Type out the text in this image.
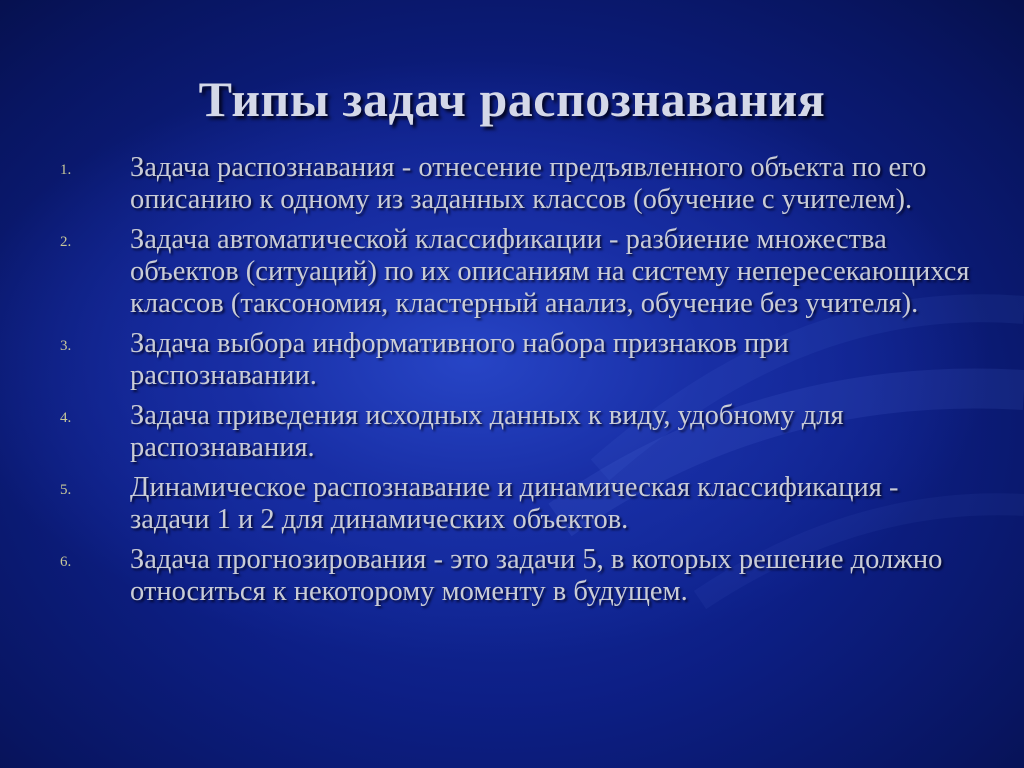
Типы задач распознавания
1.	Задача распознавания - отнесение предъявленного объекта по его описанию к одному из заданных классов (обучение с учителем).
2.	Задача автоматической классификации - разбиение множества объектов (ситуаций) по их описаниям на систему непересекающихся классов (таксономия, кластерный анализ, обучение без учителя).
3.	Задача выбора информативного набора признаков при распознавании.
4.	Задача приведения исходных данных к виду, удобному для распознавания.
5.	Динамическое распознавание и динамическая классификация - задачи 1 и 2 для динамических объектов.
6.	Задача прогнозирования - это задачи 5, в которых решение должно относиться к некоторому моменту в будущем.
